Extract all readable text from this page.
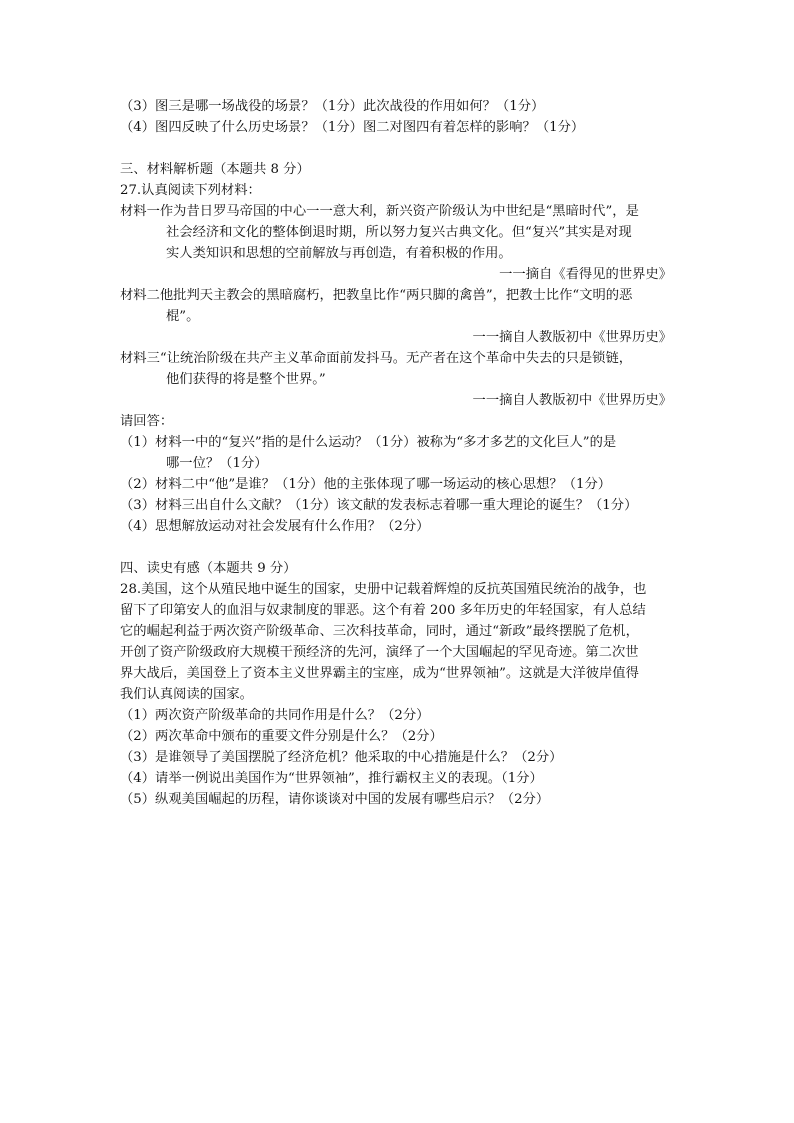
（3）图三是哪一场战役的场景？（1分）此次战役的作用如何？（1分）
（4）图四反映了什么历史场景？（1分）图二对图四有着怎样的影响？（1分）
三、材料解析题（本题共 8 分）
27.认真阅读下列材料：
材料一作为昔日罗马帝国的中心一一意大利，新兴资产阶级认为中世纪是“黑暗时代”，是
社会经济和文化的整体倒退时期，所以努力复兴古典文化。但“复兴”其实是对现
实人类知识和思想的空前解放与再创造，有着积极的作用。
一一摘自《看得见的世界史》
材料二他批判天主教会的黑暗腐朽，把教皇比作“两只脚的禽兽”，把教士比作“文明的恶
棍”。
一一摘自人教版初中《世界历史》
材料三“让统治阶级在共产主义革命面前发抖马。无产者在这个革命中失去的只是锁链，
他们获得的将是整个世界。”
一一摘自人教版初中《世界历史》
请回答：
（1）材料一中的“复兴”指的是什么运动？（1分）被称为“多才多艺的文化巨人”的是
哪一位？（1分）
（2）材料二中“他”是谁？（1分）他的主张体现了哪一场运动的核心思想？（1分）
（3）材料三出自什么文献？（1分）该文献的发表标志着哪一重大理论的诞生？（1分）
（4）思想解放运动对社会发展有什么作用？（2分）
四、读史有感（本题共 9 分）
28.美国，这个从殖民地中诞生的国家，史册中记载着辉煌的反抗英国殖民统治的战争，也
留下了印第安人的血泪与奴隶制度的罪恶。这个有着 200 多年历史的年轻国家，有人总结
它的崛起利益于两次资产阶级革命、三次科技革命，同时，通过“新政”最终摆脱了危机，
开创了资产阶级政府大规模干预经济的先河，演绎了一个大国崛起的罕见奇迹。第二次世
界大战后，美国登上了资本主义世界霸主的宝座，成为“世界领袖”。这就是大洋彼岸值得
我们认真阅读的国家。
（1）两次资产阶级革命的共同作用是什么？（2分）
（2）两次革命中颁布的重要文件分别是什么？（2分）
（3）是谁领导了美国摆脱了经济危机？他采取的中心措施是什么？（2分）
（4）请举一例说出美国作为“世界领袖”，推行霸权主义的表现。（1分）
（5）纵观美国崛起的历程，请你谈谈对中国的发展有哪些启示？（2分）
